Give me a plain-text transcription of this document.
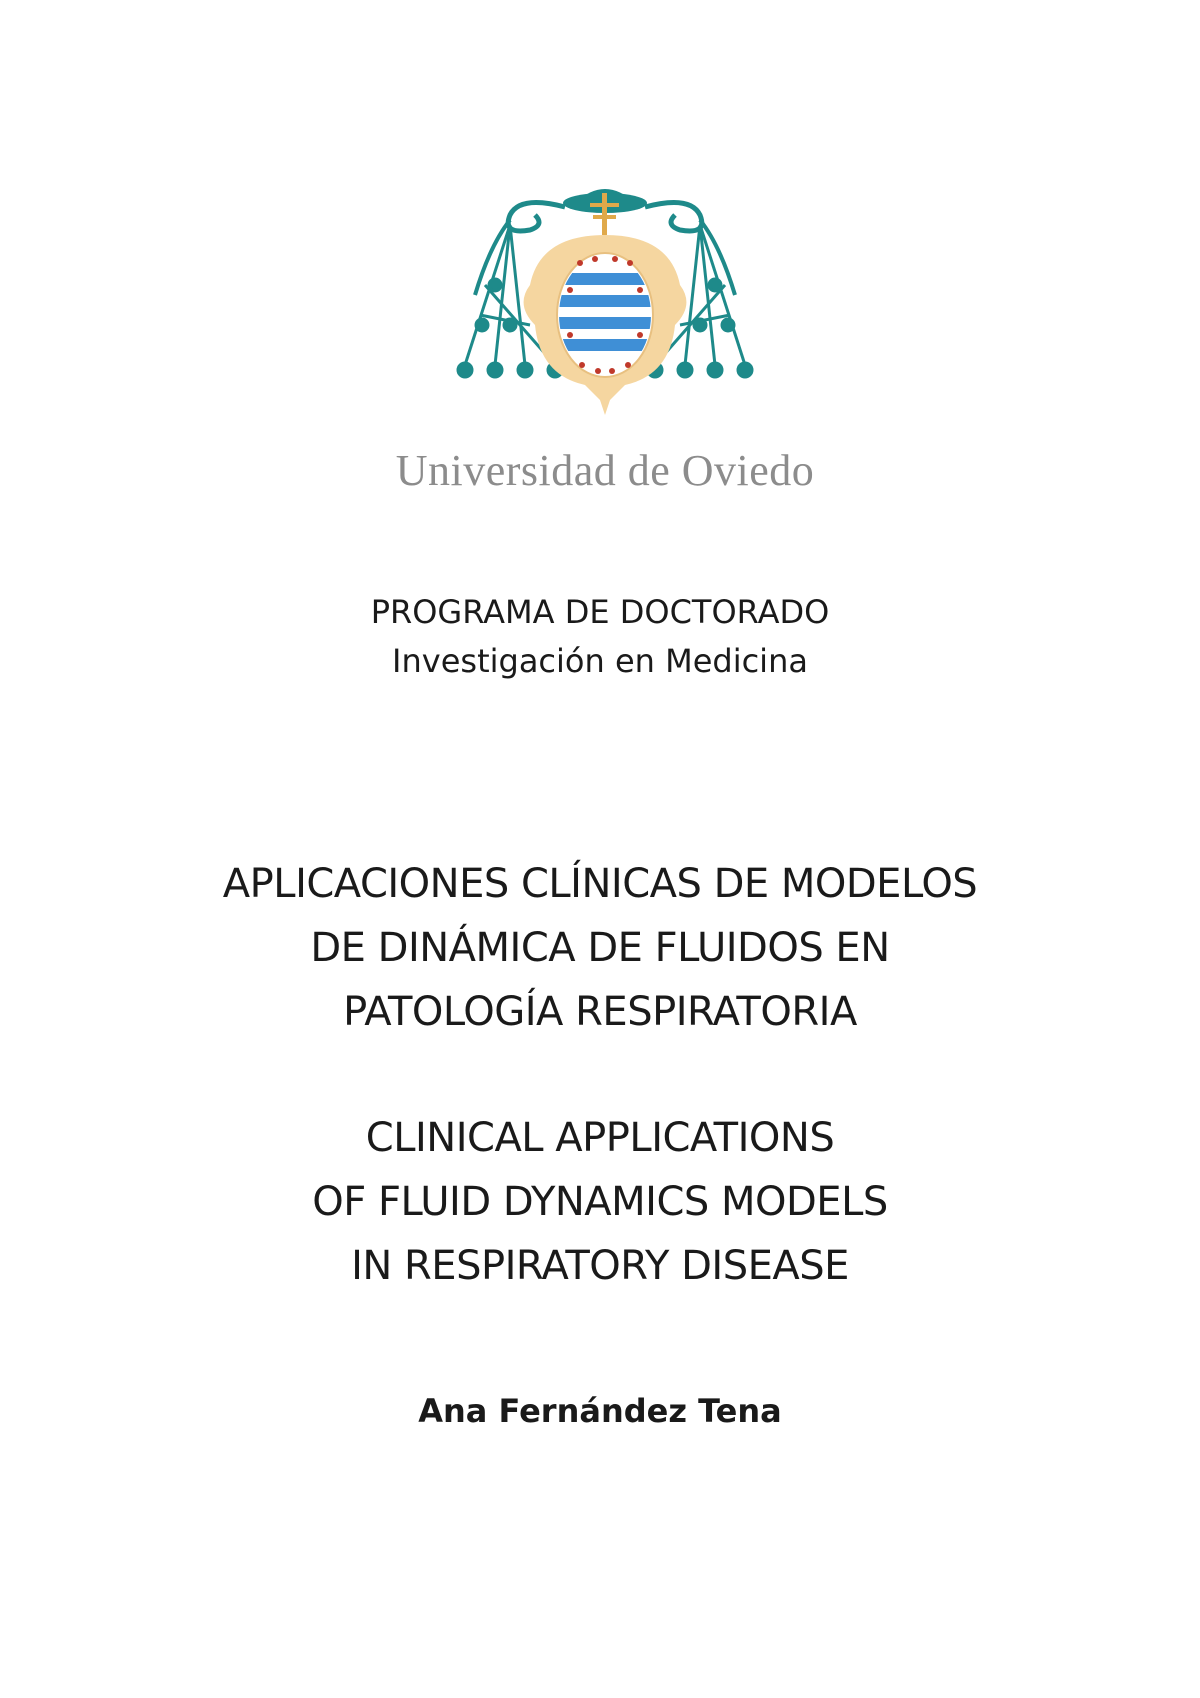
Universidad de Oviedo
PROGRAMA DE DOCTORADO
Investigación en Medicina
APLICACIONES CLÍNICAS DE MODELOS
DE DINÁMICA DE FLUIDOS EN
PATOLOGÍA RESPIRATORIA
CLINICAL APPLICATIONS
OF FLUID DYNAMICS MODELS
IN RESPIRATORY DISEASE
Ana Fernández Tena
